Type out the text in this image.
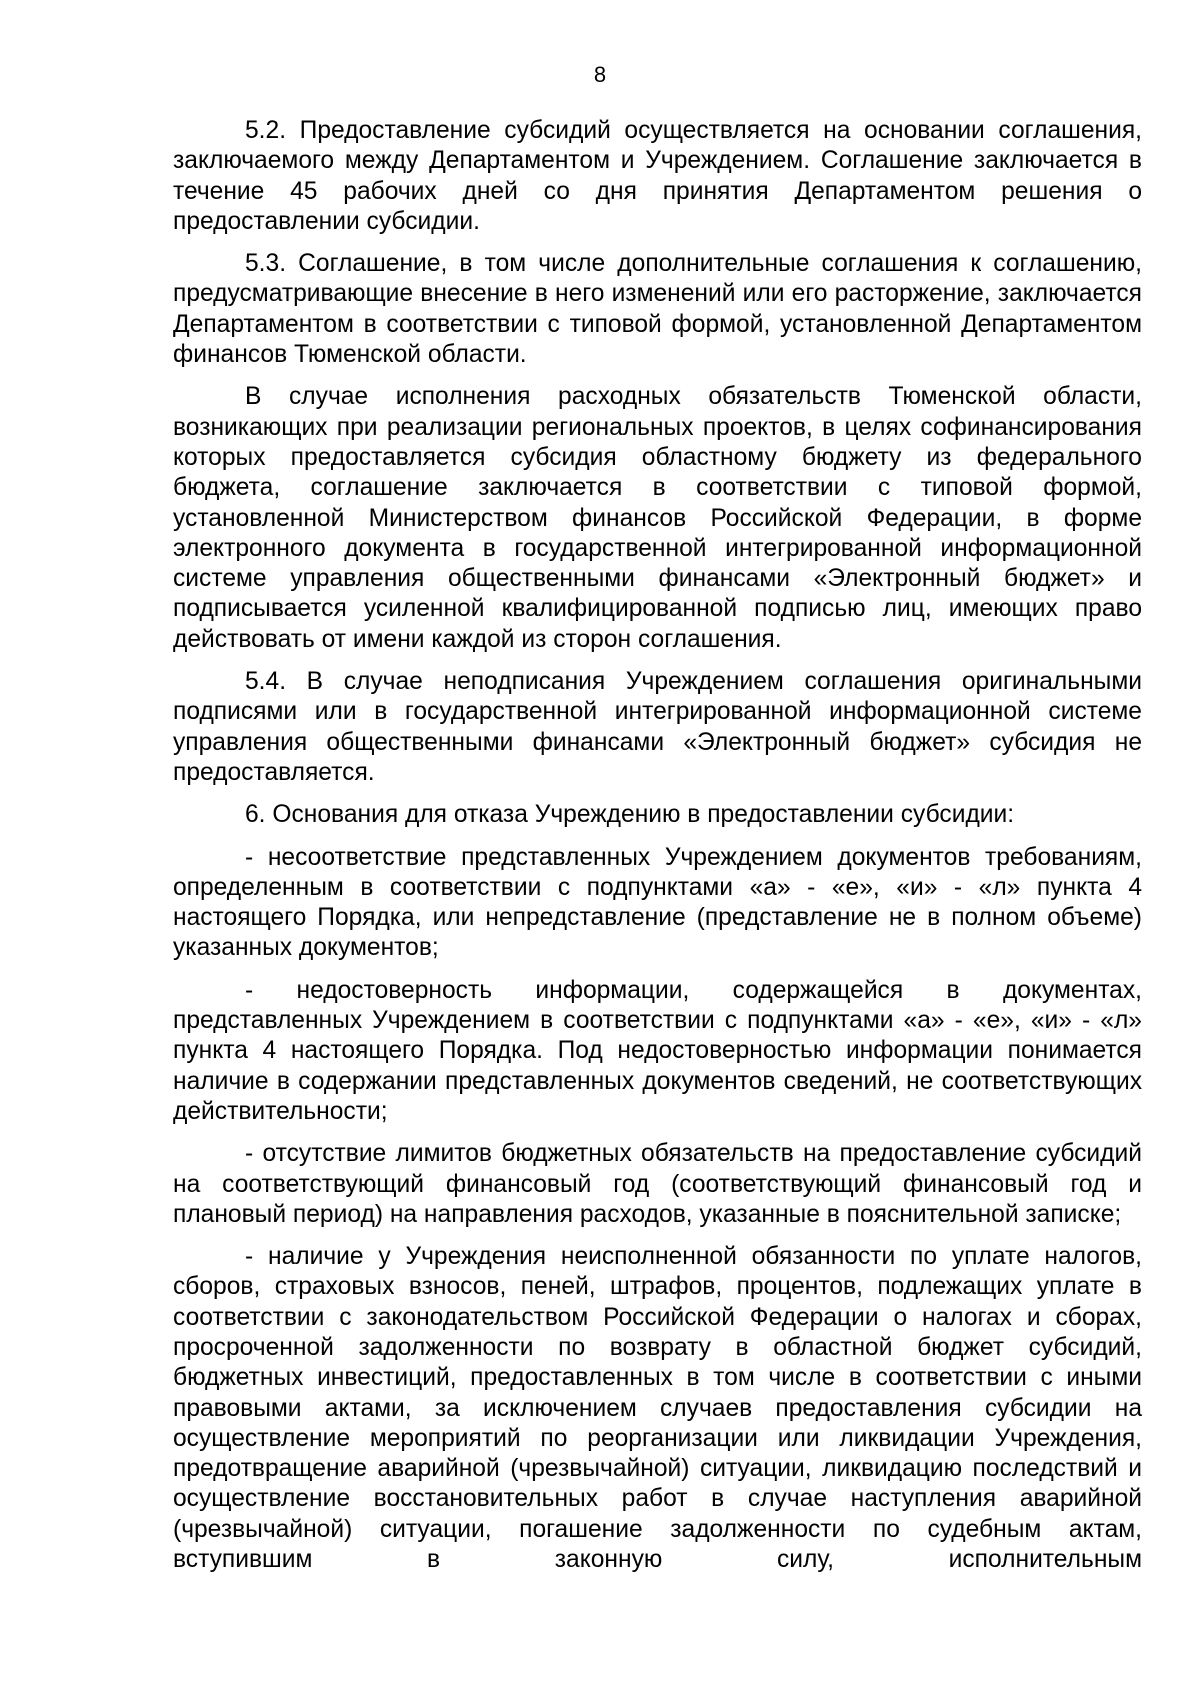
8

5.2. Предоставление субсидий осуществляется на основании соглашения, заключаемого между Департаментом и Учреждением. Соглашение заключается в течение 45 рабочих дней со дня принятия Департаментом решения о предоставлении субсидии.

5.3. Соглашение, в том числе дополнительные соглашения к соглашению, предусматривающие внесение в него изменений или его расторжение, заключается Департаментом в соответствии с типовой формой, установленной Департаментом финансов Тюменской области.

В случае исполнения расходных обязательств Тюменской области, возникающих при реализации региональных проектов, в целях софинансирования которых предоставляется субсидия областному бюджету из федерального бюджета, соглашение заключается в соответствии с типовой формой, установленной Министерством финансов Российской Федерации, в форме электронного документа в государственной интегрированной информационной системе управления общественными финансами «Электронный бюджет» и подписывается усиленной квалифицированной подписью лиц, имеющих право действовать от имени каждой из сторон соглашения.

5.4. В случае неподписания Учреждением соглашения оригинальными подписями или в государственной интегрированной информационной системе управления общественными финансами «Электронный бюджет» субсидия не предоставляется.

6. Основания для отказа Учреждению в предоставлении субсидии:

- несоответствие представленных Учреждением документов требованиям, определенным в соответствии с подпунктами «а» - «е», «и» - «л» пункта 4 настоящего Порядка, или непредставление (представление не в полном объеме) указанных документов;

- недостоверность информации, содержащейся в документах, представленных Учреждением в соответствии с подпунктами «а» - «е», «и» - «л» пункта 4 настоящего Порядка. Под недостоверностью информации понимается наличие в содержании представленных документов сведений, не соответствующих действительности;

- отсутствие лимитов бюджетных обязательств на предоставление субсидий на соответствующий финансовый год (соответствующий финансовый год и плановый период) на направления расходов, указанные в пояснительной записке;

- наличие у Учреждения неисполненной обязанности по уплате налогов, сборов, страховых взносов, пеней, штрафов, процентов, подлежащих уплате в соответствии с законодательством Российской Федерации о налогах и сборах, просроченной задолженности по возврату в областной бюджет субсидий, бюджетных инвестиций, предоставленных в том числе в соответствии с иными правовыми актами, за исключением случаев предоставления субсидии на осуществление мероприятий по реорганизации или ликвидации Учреждения, предотвращение аварийной (чрезвычайной) ситуации, ликвидацию последствий и осуществление восстановительных работ в случае наступления аварийной (чрезвычайной) ситуации, погашение задолженности по судебным актам, вступившим в законную силу, исполнительным
